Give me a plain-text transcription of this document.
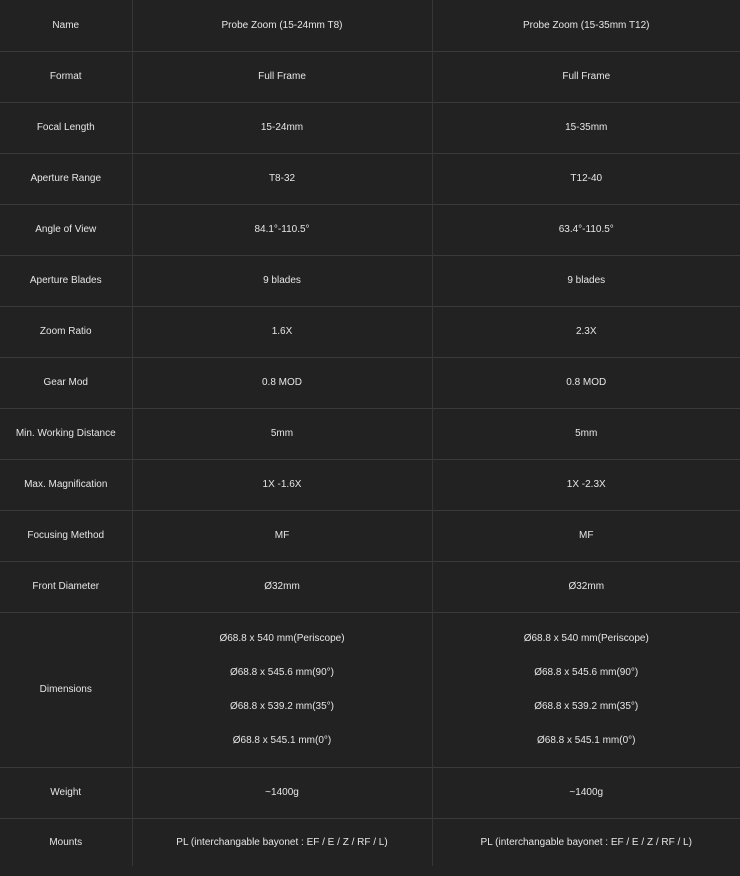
Name	Probe Zoom (15-24mm T8)	Probe Zoom (15-35mm T12)
Format	Full Frame	Full Frame
Focal Length	15-24mm	15-35mm
Aperture Range	T8-32	T12-40
Angle of View	84.1°-110.5°	63.4°-110.5°
Aperture Blades	9 blades	9 blades
Zoom Ratio	1.6X	2.3X
Gear Mod	0.8 MOD	0.8 MOD
Min. Working Distance	5mm	5mm
Max. Magnification	1X -1.6X	1X -2.3X
Focusing Method	MF	MF
Front Diameter	Ø32mm	Ø32mm
Dimensions	Ø68.8 x 540 mm(Periscope)
Ø68.8 x 545.6 mm(90°)
Ø68.8 x 539.2 mm(35°)
Ø68.8 x 545.1 mm(0°)	Ø68.8 x 540 mm(Periscope)
Ø68.8 x 545.6 mm(90°)
Ø68.8 x 539.2 mm(35°)
Ø68.8 x 545.1 mm(0°)

Weight	~1400g	~1400g
Mounts	PL (interchangable bayonet : EF / E / Z / RF / L)	PL (interchangable bayonet : EF / E / Z / RF / L)
